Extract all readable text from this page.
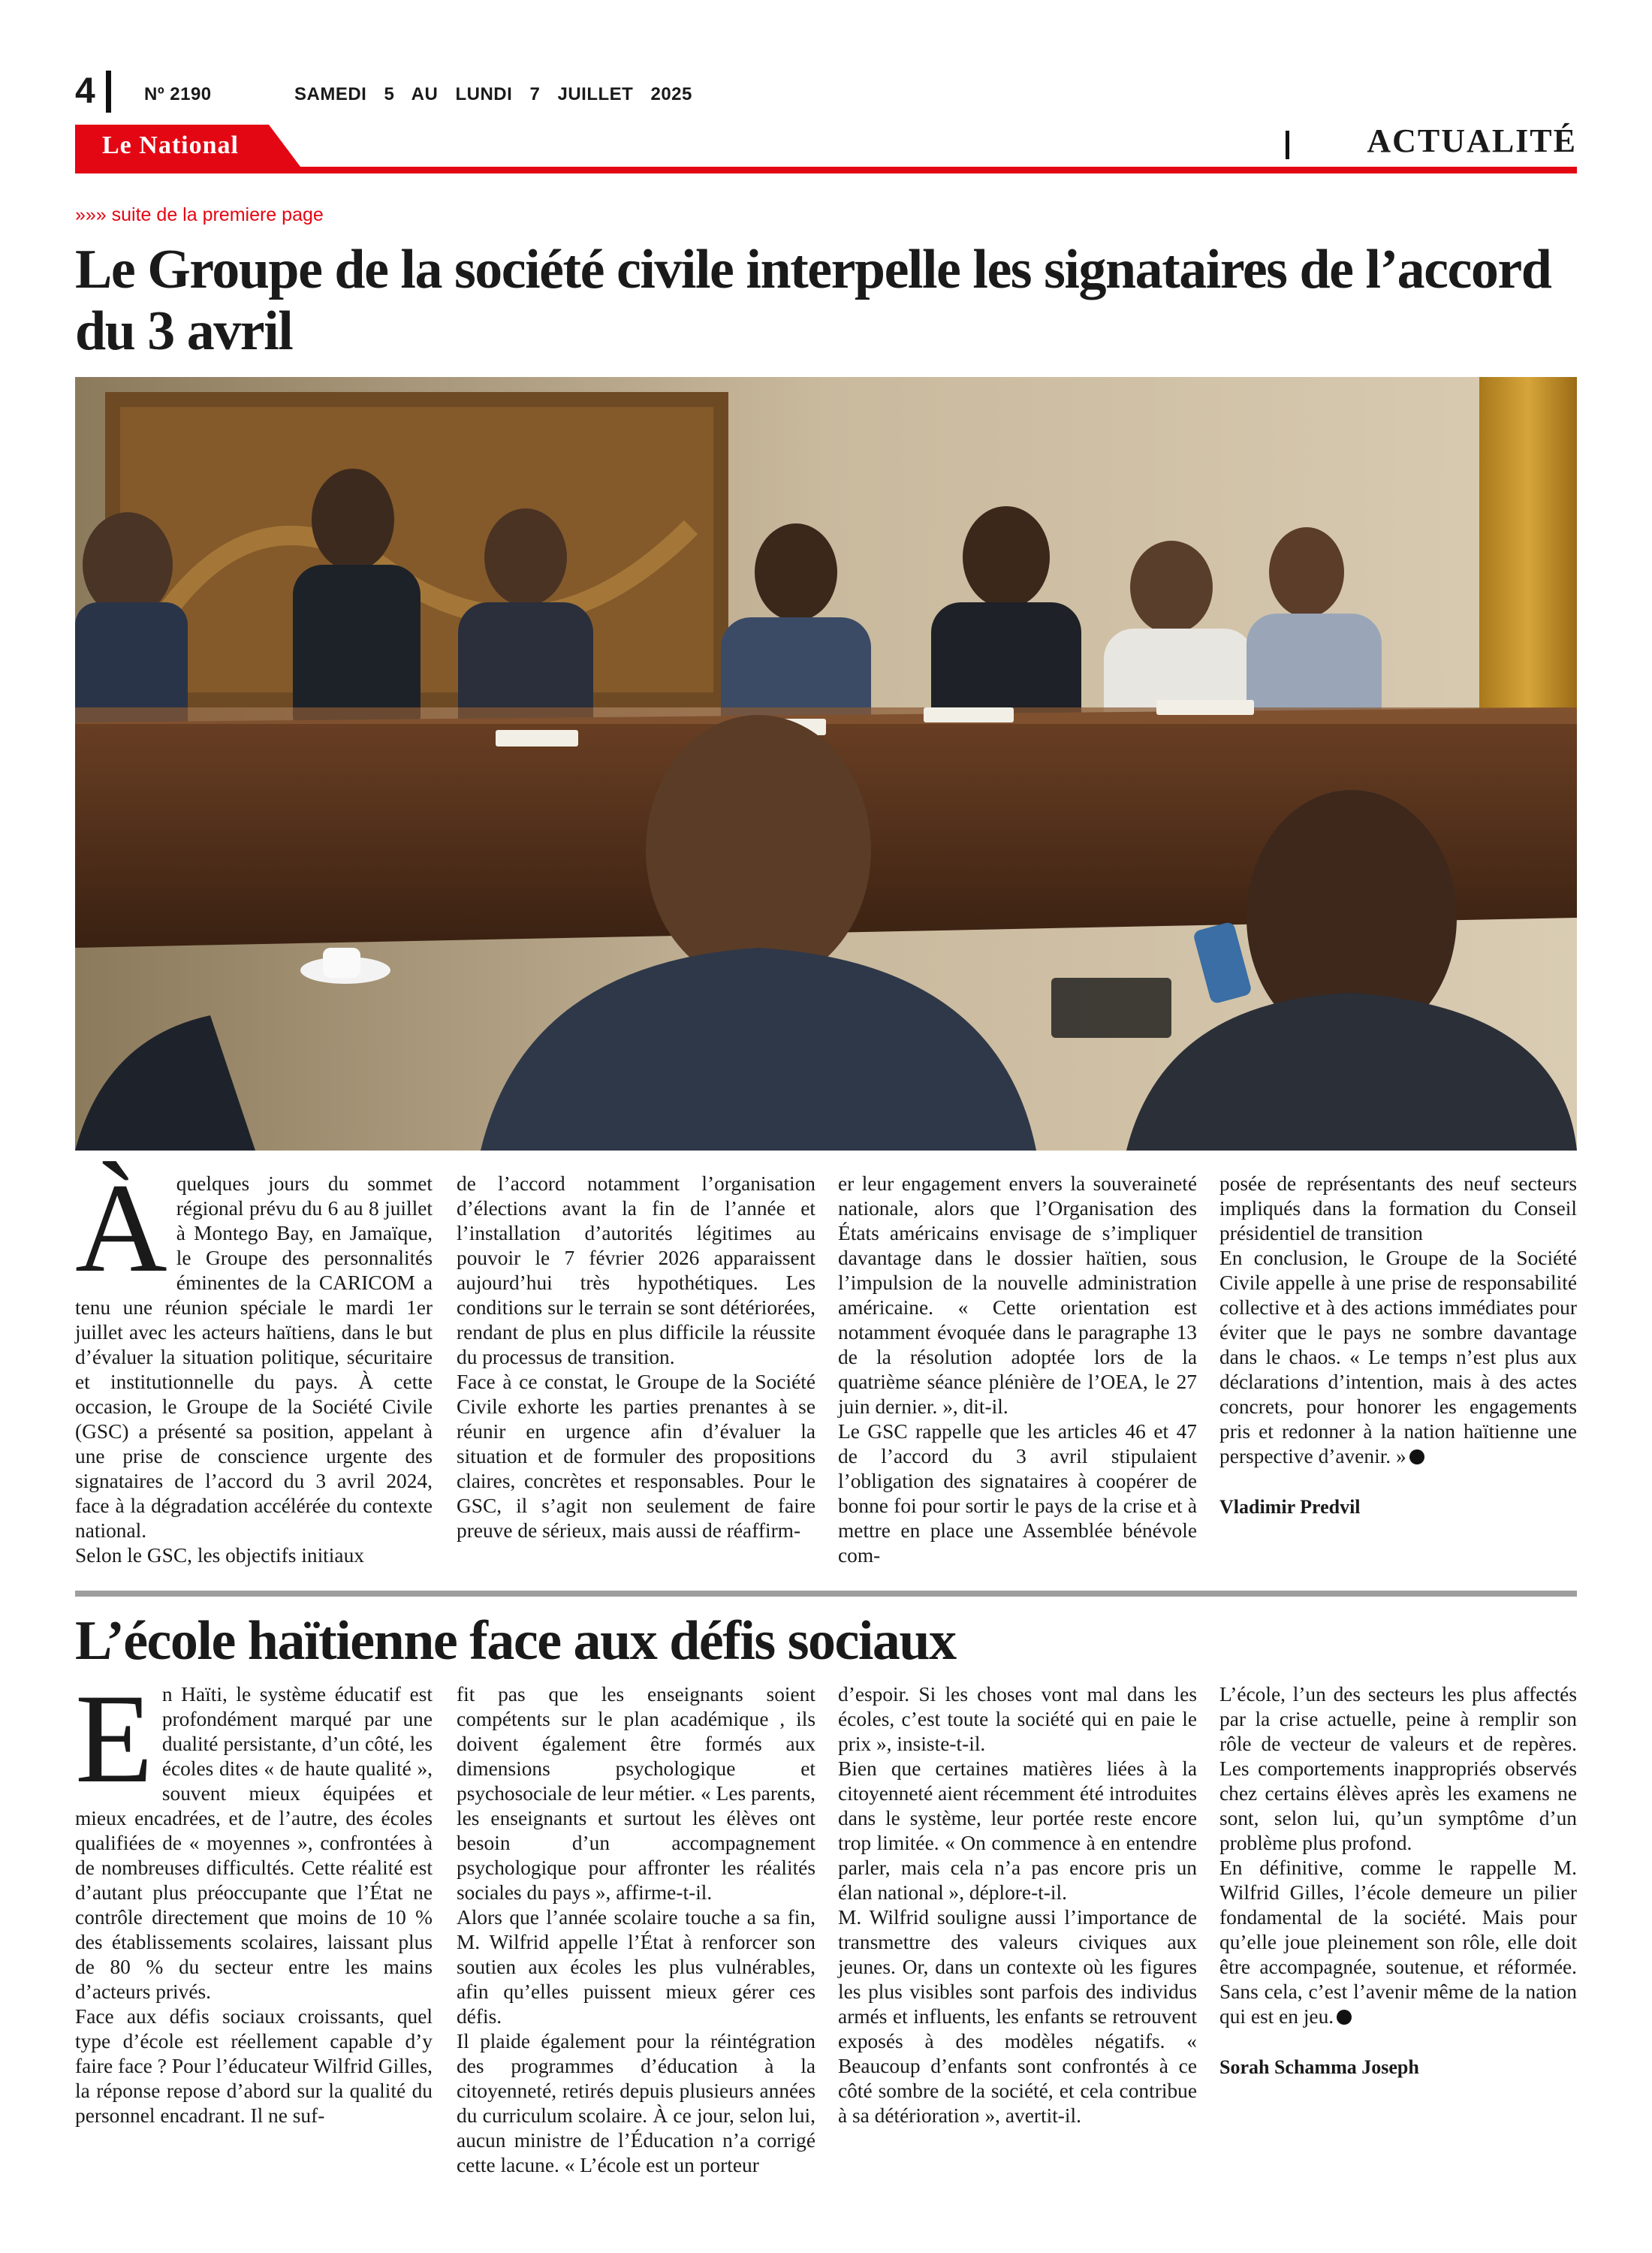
4	Nº 2190	SAMEDI 5 AU LUNDI 7 JUILLET 2025
Le National	ACTUALITÉ
»»» suite de la premiere page
Le Groupe de la société civile interpelle les signataires de l’accord du 3 avril
À quelques jours du sommet régional prévu du 6 au 8 juillet à Montego Bay, en Jamaïque, le Groupe des personnalités éminentes de la CARICOM a tenu une réunion spéciale le mardi 1er juillet avec les acteurs haïtiens, dans le but d’évaluer la situation politique, sécuritaire et institutionnelle du pays. À cette occasion, le Groupe de la Société Civile (GSC) a présenté sa position, appelant à une prise de conscience urgente des signataires de l’accord du 3 avril 2024, face à la dégradation accélérée du contexte national.

Selon le GSC, les objectifs initiaux

de l’accord notamment l’organisation d’élections avant la fin de l’année et l’installation d’autorités légitimes au pouvoir le 7 février 2026 apparaissent aujourd’hui très hypothétiques. Les conditions sur le terrain se sont détériorées, rendant de plus en plus difficile la réussite du processus de transition.

Face à ce constat, le Groupe de la Société Civile exhorte les parties prenantes à se réunir en urgence afin d’évaluer la situation et de formuler des propositions claires, concrètes et responsables. Pour le GSC, il s’agit non seulement de faire preuve de sérieux, mais aussi de réaffirm-

er leur engagement envers la souveraineté nationale, alors que l’Organisation des États américains envisage de s’impliquer davantage dans le dossier haïtien, sous l’impulsion de la nouvelle administration américaine. « Cette orientation est notamment évoquée dans le paragraphe 13 de la résolution adoptée lors de la quatrième séance plénière de l’OEA, le 27 juin dernier. », dit-il.

Le GSC rappelle que les articles 46 et 47 de l’accord du 3 avril stipulaient l’obligation des signataires à coopérer de bonne foi pour sortir le pays de la crise et à mettre en place une Assemblée bénévole com-

posée de représentants des neuf secteurs impliqués dans la formation du Conseil présidentiel de transition

En conclusion, le Groupe de la Société Civile appelle à une prise de responsabilité collective et à des actions immédiates pour éviter que le pays ne sombre davantage dans le chaos. « Le temps n’est plus aux déclarations d’intention, mais à des actes concrets, pour honorer les engagements pris et redonner à la nation haïtienne une perspective d’avenir. »

Vladimir Predvil

L’école haïtienne face aux défis sociaux
E n Haïti, le système éducatif est profondément marqué par une dualité persistante, d’un côté, les écoles dites « de haute qualité », souvent mieux équipées et mieux encadrées, et de l’autre, des écoles qualifiées de « moyennes », confrontées à de nombreuses difficultés. Cette réalité est d’autant plus préoccupante que l’État ne contrôle directement que moins de 10 % des établissements scolaires, laissant plus de 80 % du secteur entre les mains d’acteurs privés.

Face aux défis sociaux croissants, quel type d’école est réellement capable d’y faire face ? Pour l’éducateur Wilfrid Gilles, la réponse repose d’abord sur la qualité du personnel encadrant. Il ne suf-

fit pas que les enseignants soient compétents sur le plan académique , ils doivent également être formés aux dimensions psychologique et psychosociale de leur métier. « Les parents, les enseignants et surtout les élèves ont besoin d’un accompagnement psychologique pour affronter les réalités sociales du pays », affirme-t-il.

Alors que l’année scolaire touche a sa fin, M. Wilfrid appelle l’État à renforcer son soutien aux écoles les plus vulnérables, afin qu’elles puissent mieux gérer ces défis.

Il plaide également pour la réintégration des programmes d’éducation à la citoyenneté, retirés depuis plusieurs années du curriculum scolaire. À ce jour, selon lui, aucun ministre de l’Éducation n’a corrigé cette lacune. « L’école est un porteur

d’espoir. Si les choses vont mal dans les écoles, c’est toute la société qui en paie le prix », insiste-t-il.

Bien que certaines matières liées à la citoyenneté aient récemment été introduites dans le système, leur portée reste encore trop limitée. « On commence à en entendre parler, mais cela n’a pas encore pris un élan national », déplore-t-il.

M. Wilfrid souligne aussi l’importance de transmettre des valeurs civiques aux jeunes. Or, dans un contexte où les figures les plus visibles sont parfois des individus armés et influents, les enfants se retrouvent exposés à des modèles négatifs. « Beaucoup d’enfants sont confrontés à ce côté sombre de la société, et cela contribue à sa détérioration », avertit-il.

L’école, l’un des secteurs les plus affectés par la crise actuelle, peine à remplir son rôle de vecteur de valeurs et de repères. Les comportements inappropriés observés chez certains élèves après les examens ne sont, selon lui, qu’un symptôme d’un problème plus profond.

En définitive, comme le rappelle M. Wilfrid Gilles, l’école demeure un pilier fondamental de la société. Mais pour qu’elle joue pleinement son rôle, elle doit être accompagnée, soutenue, et réformée. Sans cela, c’est l’avenir même de la nation qui est en jeu.

Sorah Schamma Joseph
